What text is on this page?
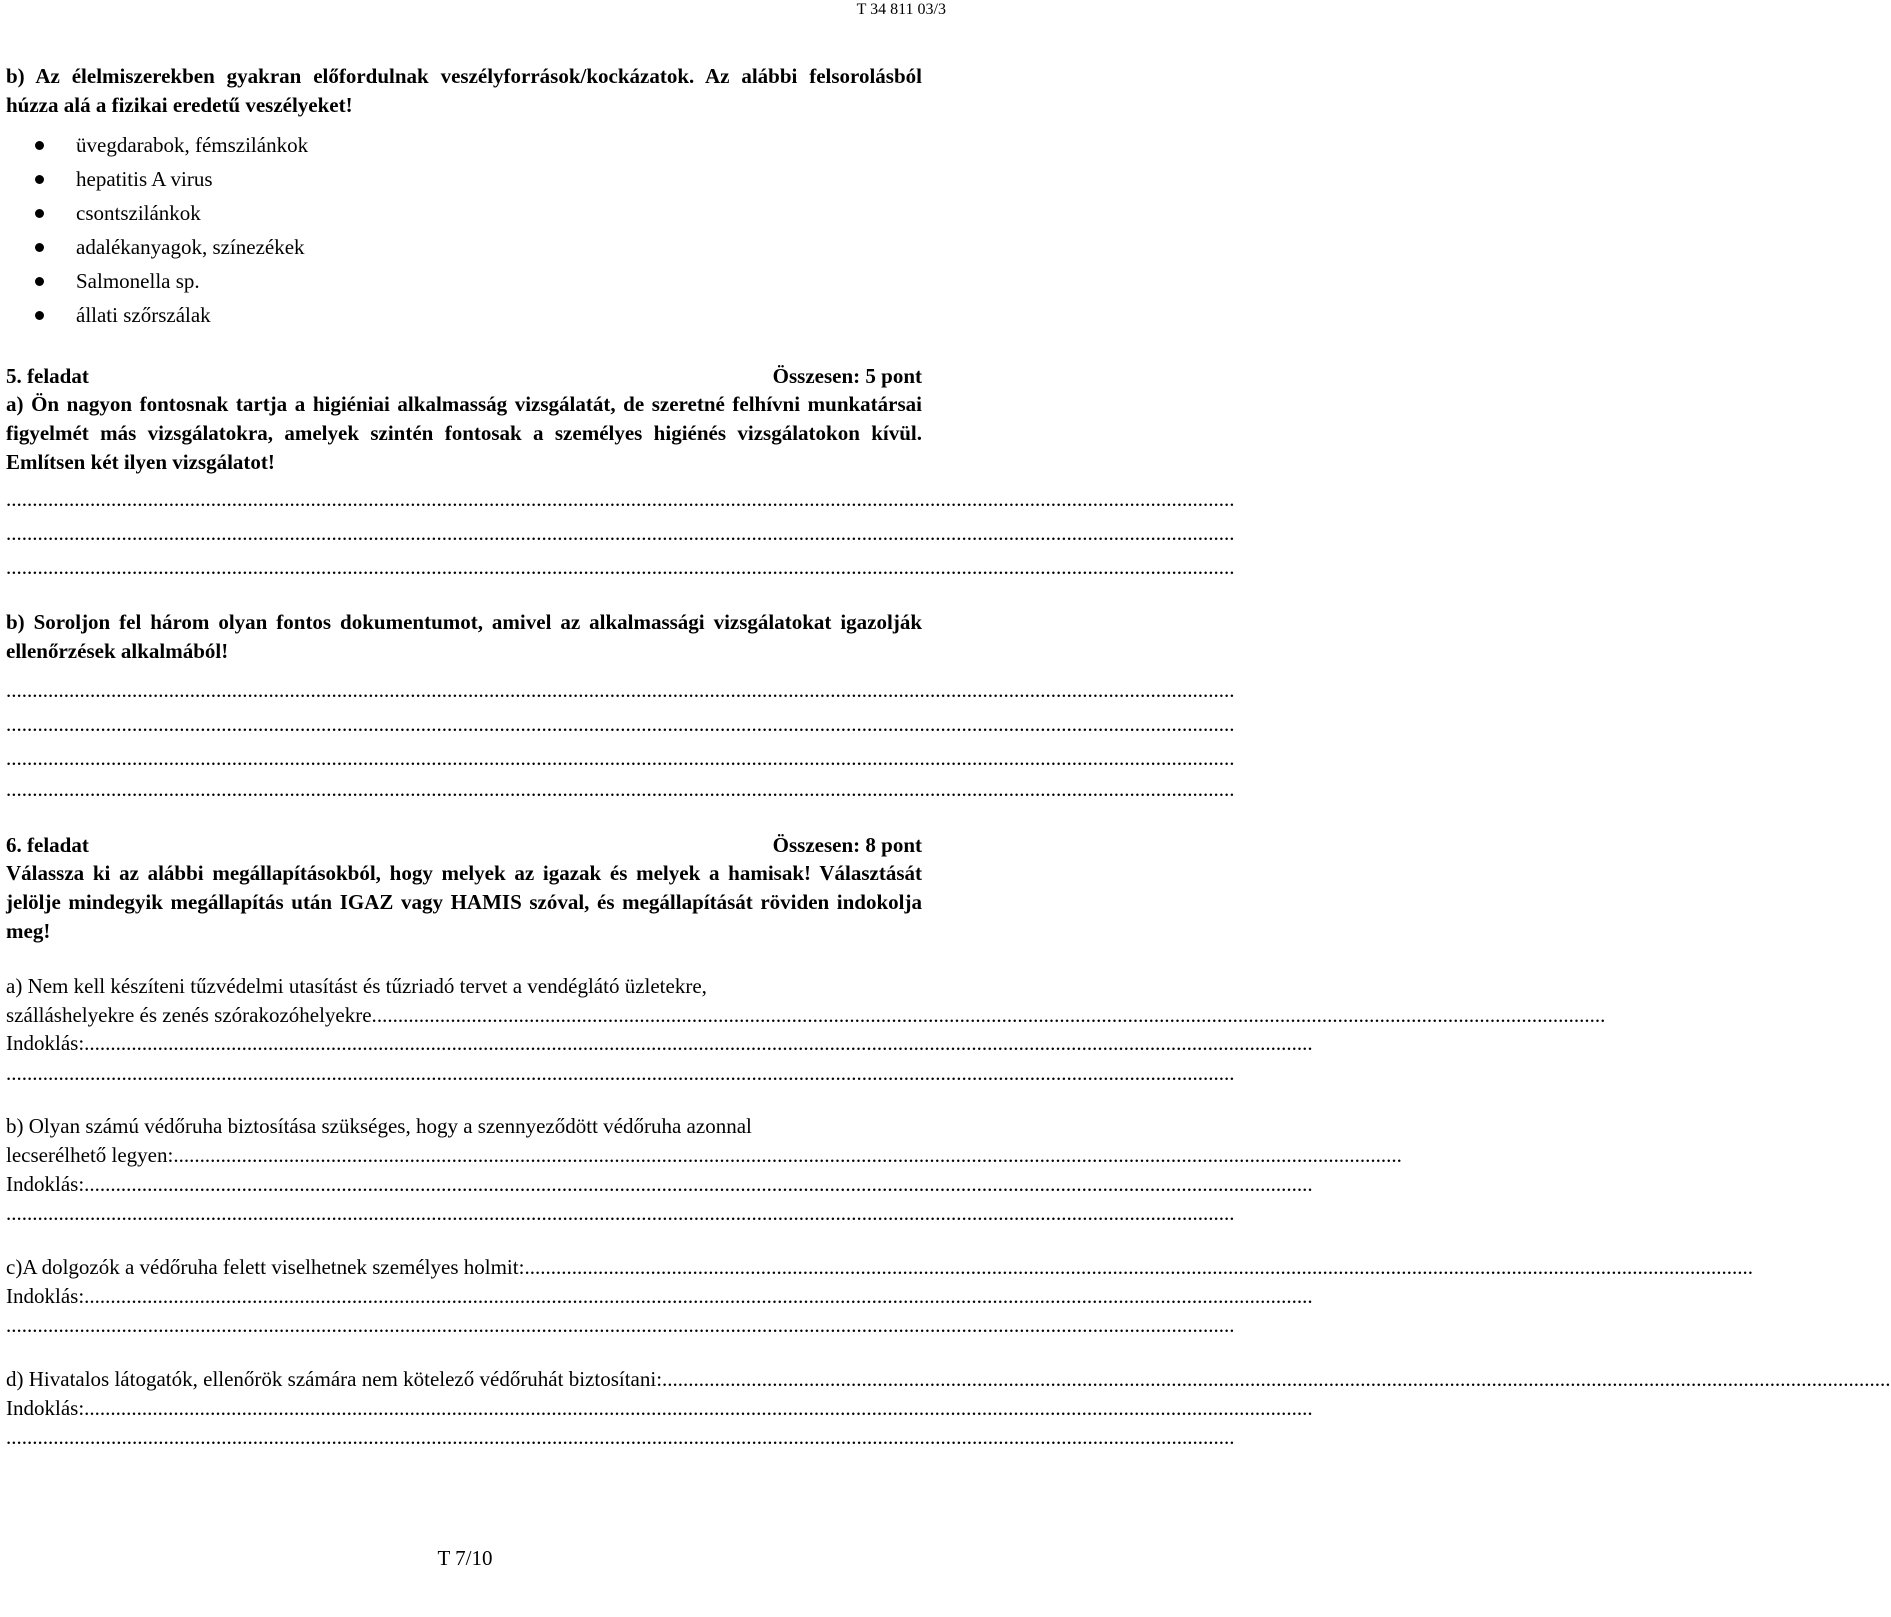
T 34 811 03/3
b) Az élelmiszerekben gyakran előfordulnak veszélyforrások/kockázatok. Az alábbi felsorolásból húzza alá a fizikai eredetű veszélyeket!
üvegdarabok, fémszilánkok
hepatitis A virus
csontszilánkok
adalékanyagok, színezékek
Salmonella sp.
állati szőrszálak
5. feladat	Összesen: 5 pont
a) Ön nagyon fontosnak tartja a higiéniai alkalmasság vizsgálatát, de szeretné felhívni munkatársai figyelmét más vizsgálatokra, amelyek szintén fontosak a személyes higiénés vizsgálatokon kívül. Említsen két ilyen vizsgálatot!
..........................................................................................................................................................................................................................................
..........................................................................................................................................................................................................................................
..........................................................................................................................................................................................................................................
b) Soroljon fel három olyan fontos dokumentumot, amivel az alkalmassági vizsgálatokat igazolják ellenőrzések alkalmából!
..........................................................................................................................................................................................................................................
..........................................................................................................................................................................................................................................
..........................................................................................................................................................................................................................................
..........................................................................................................................................................................................................................................
6. feladat	Összesen: 8 pont
Válassza ki az alábbi megállapításokból, hogy melyek az igazak és melyek a hamisak! Választását jelölje mindegyik megállapítás után IGAZ vagy HAMIS szóval, és megállapítását röviden indokolja meg!
a) Nem kell készíteni tűzvédelmi utasítást és tűzriadó tervet a vendéglátó üzletekre,
szálláshelyekre és zenés szórakozóhelyekre. ..........................................................................................................................................................................................................................................
Indoklás: ..........................................................................................................................................................................................................................................
..........................................................................................................................................................................................................................................
b) Olyan számú védőruha biztosítása szükséges, hogy a szennyeződött védőruha azonnal
lecserélhető legyen: ..........................................................................................................................................................................................................................................
Indoklás: ..........................................................................................................................................................................................................................................
..........................................................................................................................................................................................................................................
c)A dolgozók a védőruha felett viselhetnek személyes holmit: ..........................................................................................................................................................................................................................................
Indoklás: ..........................................................................................................................................................................................................................................
..........................................................................................................................................................................................................................................
d) Hivatalos látogatók, ellenőrök számára nem kötelező védőruhát biztosítani: ..........................................................................................................................................................................................................................................
Indoklás: ..........................................................................................................................................................................................................................................
..........................................................................................................................................................................................................................................
T 7/10
